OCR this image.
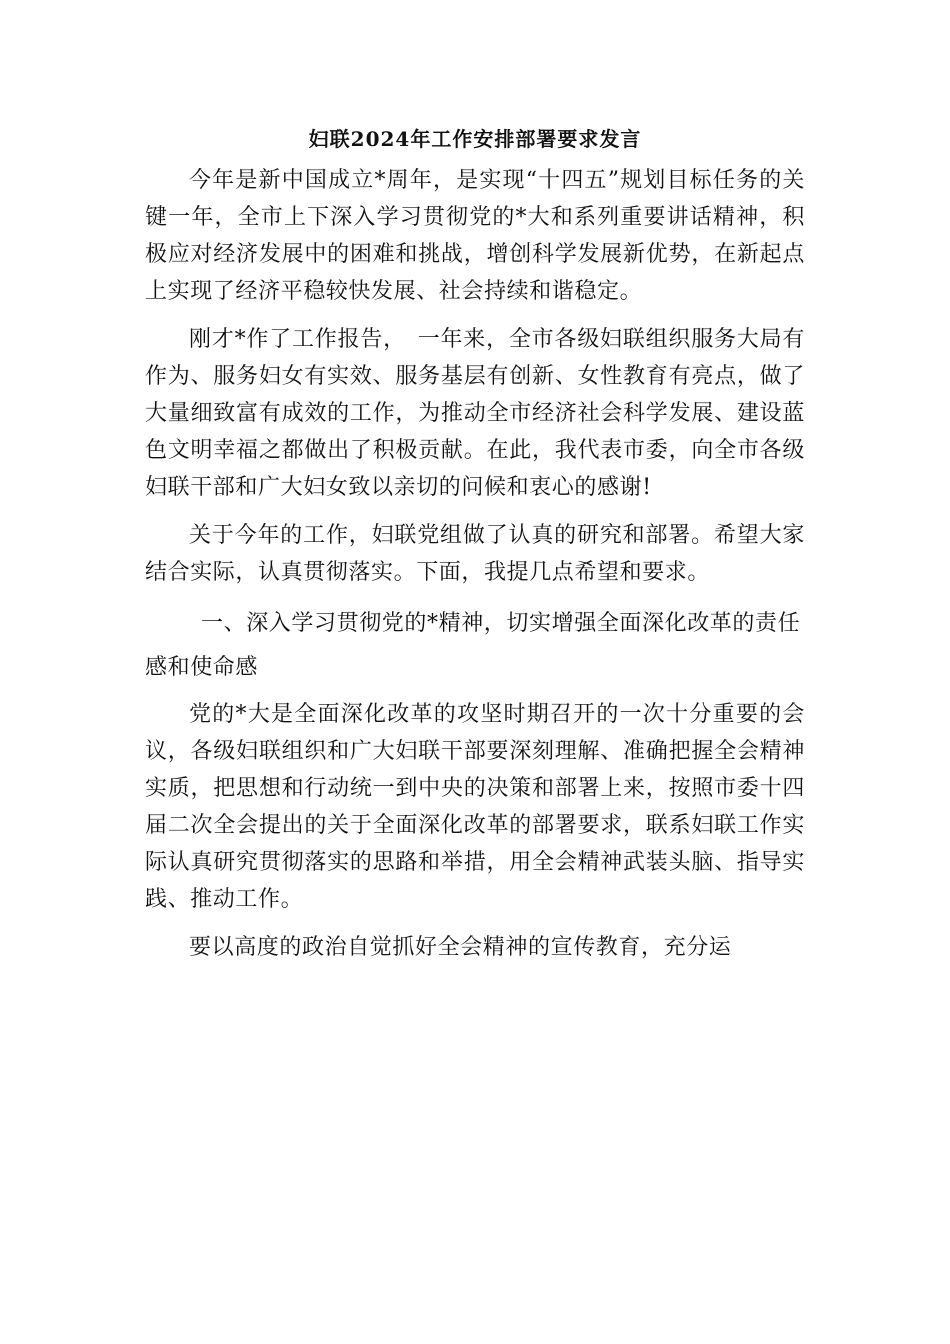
妇联2024年工作安排部署要求发言

今年是新中国成立*周年，是实现“十四五”规划目标任务的关键一年，全市上下深入学习贯彻党的*大和系列重要讲话精神，积极应对经济发展中的困难和挑战，增创科学发展新优势，在新起点上实现了经济平稳较快发展、社会持续和谐稳定。

刚才*作了工作报告，　一年来，全市各级妇联组织服务大局有作为、服务妇女有实效、服务基层有创新、女性教育有亮点，做了大量细致富有成效的工作，为推动全市经济社会科学发展、建设蓝色文明幸福之都做出了积极贡献。在此，我代表市委，向全市各级妇联干部和广大妇女致以亲切的问候和衷心的感谢!

关于今年的工作，妇联党组做了认真的研究和部署。希望大家结合实际，认真贯彻落实。下面，我提几点希望和要求。

一、深入学习贯彻党的*精神，切实增强全面深化改革的责任感和使命感

党的*大是全面深化改革的攻坚时期召开的一次十分重要的会议，各级妇联组织和广大妇联干部要深刻理解、准确把握全会精神实质，把思想和行动统一到中央的决策和部署上来，按照市委十四届二次全会提出的关于全面深化改革的部署要求，联系妇联工作实际认真研究贯彻落实的思路和举措，用全会精神武装头脑、指导实践、推动工作。

要以高度的政治自觉抓好全会精神的宣传教育，充分运
